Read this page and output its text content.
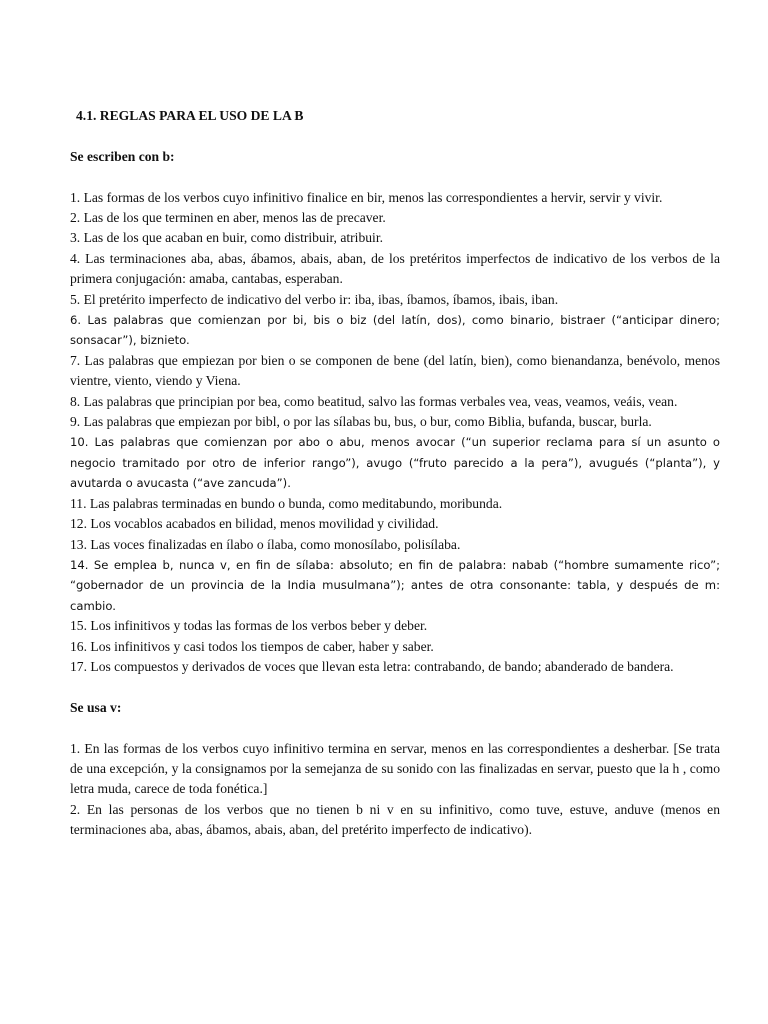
4.1. REGLAS PARA EL USO DE LA B

Se escriben con b:

1. Las formas de los verbos cuyo infinitivo finalice en bir, menos las correspondientes a hervir, servir y vivir.

2. Las de los que terminen en aber, menos las de precaver.

3. Las de los que acaban en buir, como distribuir, atribuir.

4. Las terminaciones aba, abas, ábamos, abais, aban, de los pretéritos imperfectos de indicativo de los verbos de la primera conjugación: amaba, cantabas, esperaban.

5. El pretérito imperfecto de indicativo del verbo ir: iba, ibas, íbamos, íbamos, ibais, iban.

6. Las palabras que comienzan por bi, bis o biz (del latín, dos), como binario, bistraer (“anticipar dinero; sonsacar”), biznieto.

7. Las palabras que empiezan por bien o se componen de bene (del latín, bien), como bienandanza, benévolo, menos vientre, viento, viendo y Viena.

8. Las palabras que principian por bea, como beatitud, salvo las formas verbales vea, veas, veamos, veáis, vean.

9. Las palabras que empiezan por bibl, o por las sílabas bu, bus, o bur, como Biblia, bufanda, buscar, burla.

10. Las palabras que comienzan por abo o abu, menos avocar (“un superior reclama para sí un asunto o negocio tramitado por otro de inferior rango”), avugo (“fruto parecido a la pera”), avugués (“planta”), y avutarda o avucasta (“ave zancuda”).

11. Las palabras terminadas en bundo o bunda, como meditabundo, moribunda.

12. Los vocablos acabados en bilidad, menos movilidad y civilidad.

13. Las voces finalizadas en ílabo o ílaba, como monosílabo, polisílaba.

14. Se emplea b, nunca v, en fin de sílaba: absoluto; en fin de palabra: nabab (“hombre sumamente rico”; “gobernador de un provincia de la India musulmana”); antes de otra consonante: tabla, y después de m: cambio.

15. Los infinitivos y todas las formas de los verbos beber y deber.

16. Los infinitivos y casi todos los tiempos de caber, haber y saber.

17. Los compuestos y derivados de voces que llevan esta letra: contrabando, de bando; abanderado de bandera.

Se usa v:

1. En las formas de los verbos cuyo infinitivo termina en servar, menos en las correspondientes a desherbar. [Se trata de una excepción, y la consignamos por la semejanza de su sonido con las finalizadas en servar, puesto que la h , como letra muda, carece de toda fonética.]

2. En las personas de los verbos que no tienen b ni v en su infinitivo, como tuve, estuve, anduve (menos en terminaciones aba, abas, ábamos, abais, aban, del pretérito imperfecto de indicativo).
